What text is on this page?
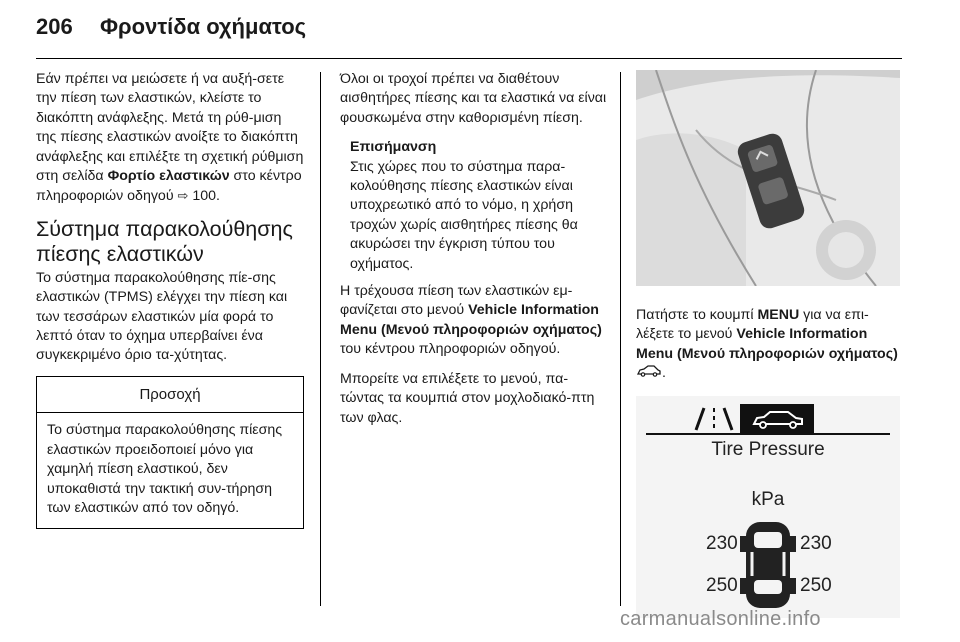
206	Φροντίδα οχήματος

Εάν πρέπει να μειώσετε ή να αυξή-σετε την πίεση των ελαστικών, κλείστε το διακόπτη ανάφλεξης. Μετά τη ρύθ-μιση της πίεσης ελαστικών ανοίξτε το διακόπτη ανάφλεξης και επιλέξτε τη σχετική ρύθμιση στη σελίδα Φορτίο ελαστικών στο κέντρο πληροφοριών οδηγού ⇨ 100.

Σύστημα παρακολούθησης πίεσης ελαστικών

Το σύστημα παρακολούθησης πίε-σης ελαστικών (TPMS) ελέγχει την πίεση και των τεσσάρων ελαστικών μία φορά το λεπτό όταν το όχημα υπερβαίνει ένα συγκεκριμένο όριο τα-χύτητας.

Προσοχή
Το σύστημα παρακολούθησης πίεσης ελαστικών προειδοποιεί μόνο για χαμηλή πίεση ελαστικού, δεν υποκαθιστά την τακτική συν-τήρηση των ελαστικών από τον οδηγό.

Όλοι οι τροχοί πρέπει να διαθέτουν αισθητήρες πίεσης και τα ελαστικά να είναι φουσκωμένα στην καθορισμένη πίεση.

Επισήμανση
Στις χώρες που το σύστημα παρα-κολούθησης πίεσης ελαστικών είναι υποχρεωτικό από το νόμο, η χρήση τροχών χωρίς αισθητήρες πίεσης θα ακυρώσει την έγκριση τύπου του οχήματος.

Η τρέχουσα πίεση των ελαστικών εμ-φανίζεται στο μενού Vehicle Information Menu (Μενού πληροφοριών οχήματος) του κέντρου πληροφοριών οδηγού.

Μπορείτε να επιλέξετε το μενού, πα-τώντας τα κουμπιά στον μοχλοδιακό-πτη των φλας.

Πατήστε το κουμπί MENU για να επι-λέξετε το μενού Vehicle Information Menu (Μενού πληροφοριών οχήματος) .

Tire Pressure
kPa
230	230
250	250
carmanualsonline.info
